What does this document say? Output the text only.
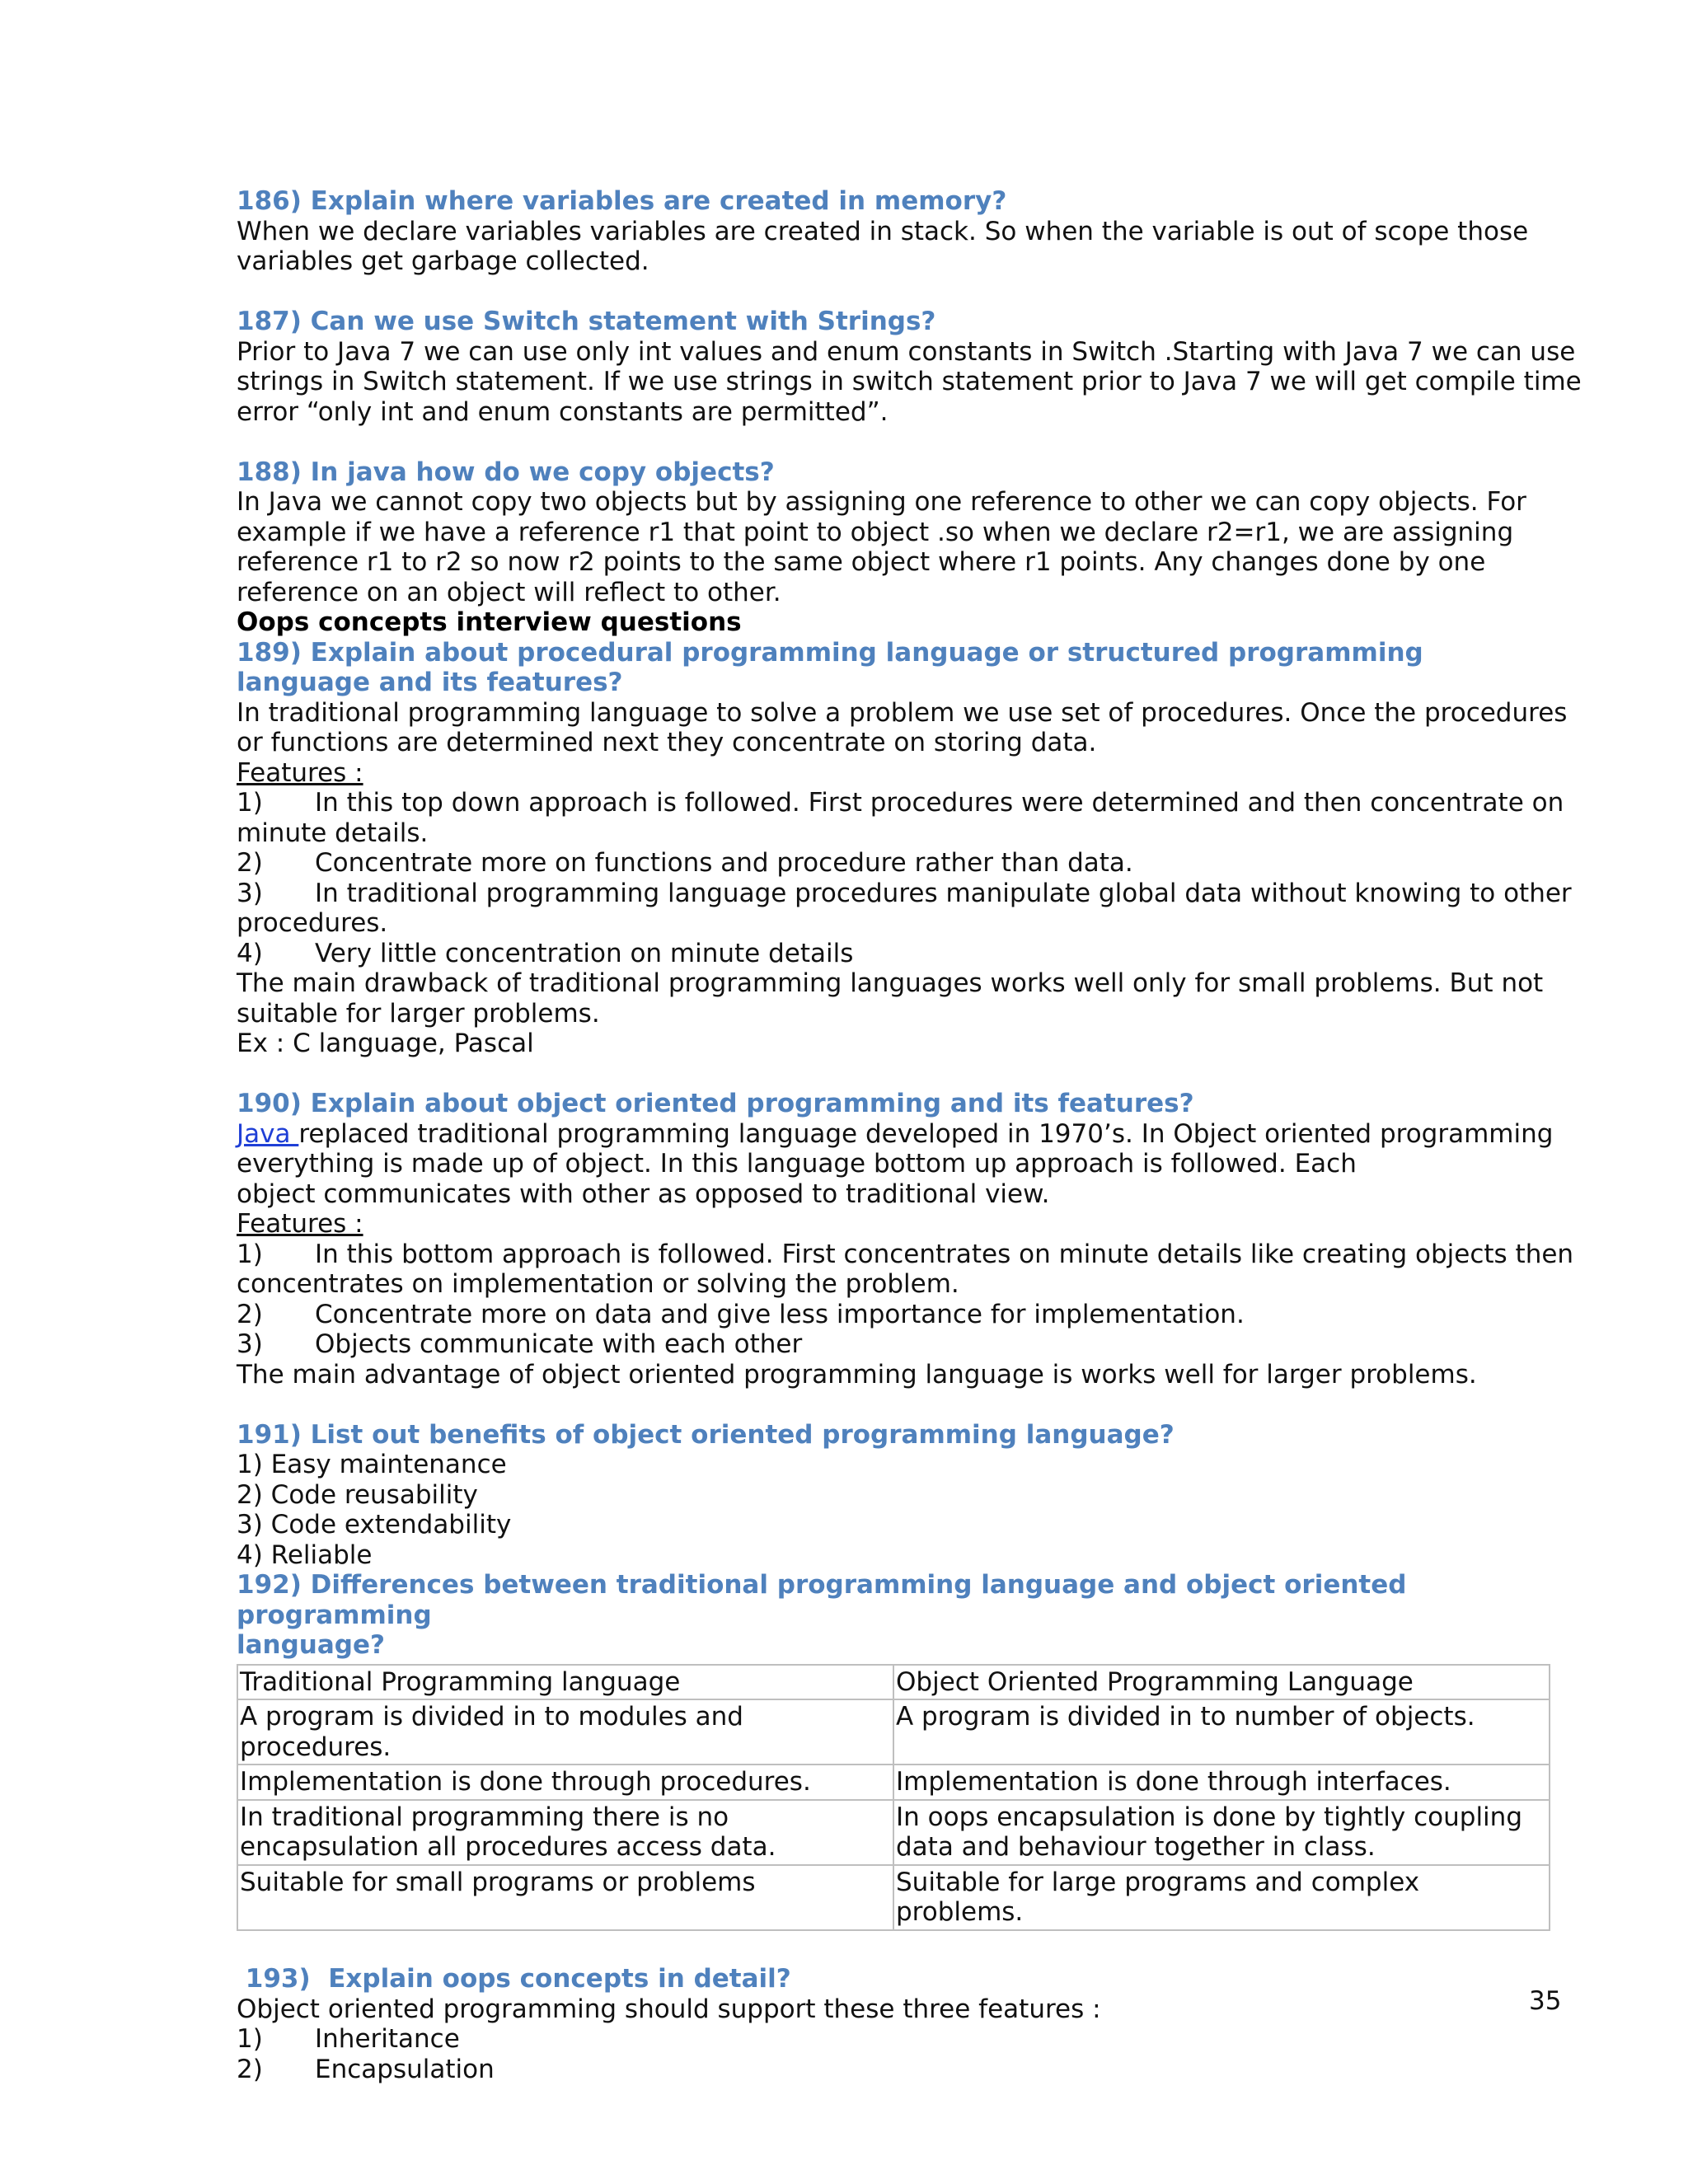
186) Explain where variables are created in memory?

When we declare variables variables are created in stack. So when the variable is out of scope those variables get garbage collected.

187) Can we use Switch statement with Strings?

Prior to Java 7 we can use only int values and enum constants in Switch .Starting with Java 7 we can use strings in Switch statement. If we use strings in switch statement prior to Java 7 we will get compile time error “only int and enum constants are permitted”.

188) In java how do we copy objects?

In Java we cannot copy two objects but by assigning one reference to other we can copy objects. For example if we have a reference r1 that point to object .so when we declare r2=r1, we are assigning reference r1 to r2 so now r2 points to the same object where r1 points. Any changes done by one reference on an object will reflect to other.

Oops concepts interview questions

189) Explain about procedural programming language or structured programming

language and its features?

In traditional programming language to solve a problem we use set of procedures. Once the procedures or functions are determined next they concentrate on storing data.

Features :

1)	In this top down approach is followed. First procedures were determined and then concentrate on

minute details.

2)	Concentrate more on functions and procedure rather than data.
3)	In traditional programming language procedures manipulate global data without knowing to other

procedures.

4)	Very little concentration on minute details

The main drawback of traditional programming languages works well only for small problems. But not suitable for larger problems.

Ex : C language, Pascal

190) Explain about object oriented programming and its features?

Java replaced traditional programming language developed in 1970’s. In Object oriented programming

everything is made up of object. In this language bottom up approach is followed. Each

object communicates with other as opposed to traditional view.

Features :

1)	In this bottom approach is followed. First concentrates on minute details like creating objects then

concentrates on implementation or solving the problem.

2)	Concentrate more on data and give less importance for implementation.
3)	Objects communicate with each other

The main advantage of object oriented programming language is works well for larger problems.

191) List out benefits of object oriented programming language?

1) Easy maintenance

2) Code reusability

3) Code extendability

4) Reliable

192) Differences between traditional programming language and object oriented programming

language?

Traditional Programming language	Object Oriented Programming Language
A program is divided in to modules and procedures.	A program is divided in to number of objects.
Implementation is done through procedures.	Implementation is done through interfaces.
In traditional programming there is no encapsulation all procedures access data.	In oops encapsulation is done by tightly coupling data and behaviour together in class.
Suitable for small programs or problems	Suitable for large programs and complex problems.

193)  Explain oops concepts in detail?

Object oriented programming should support these three features :

1)	Inheritance
2)	Encapsulation
35
